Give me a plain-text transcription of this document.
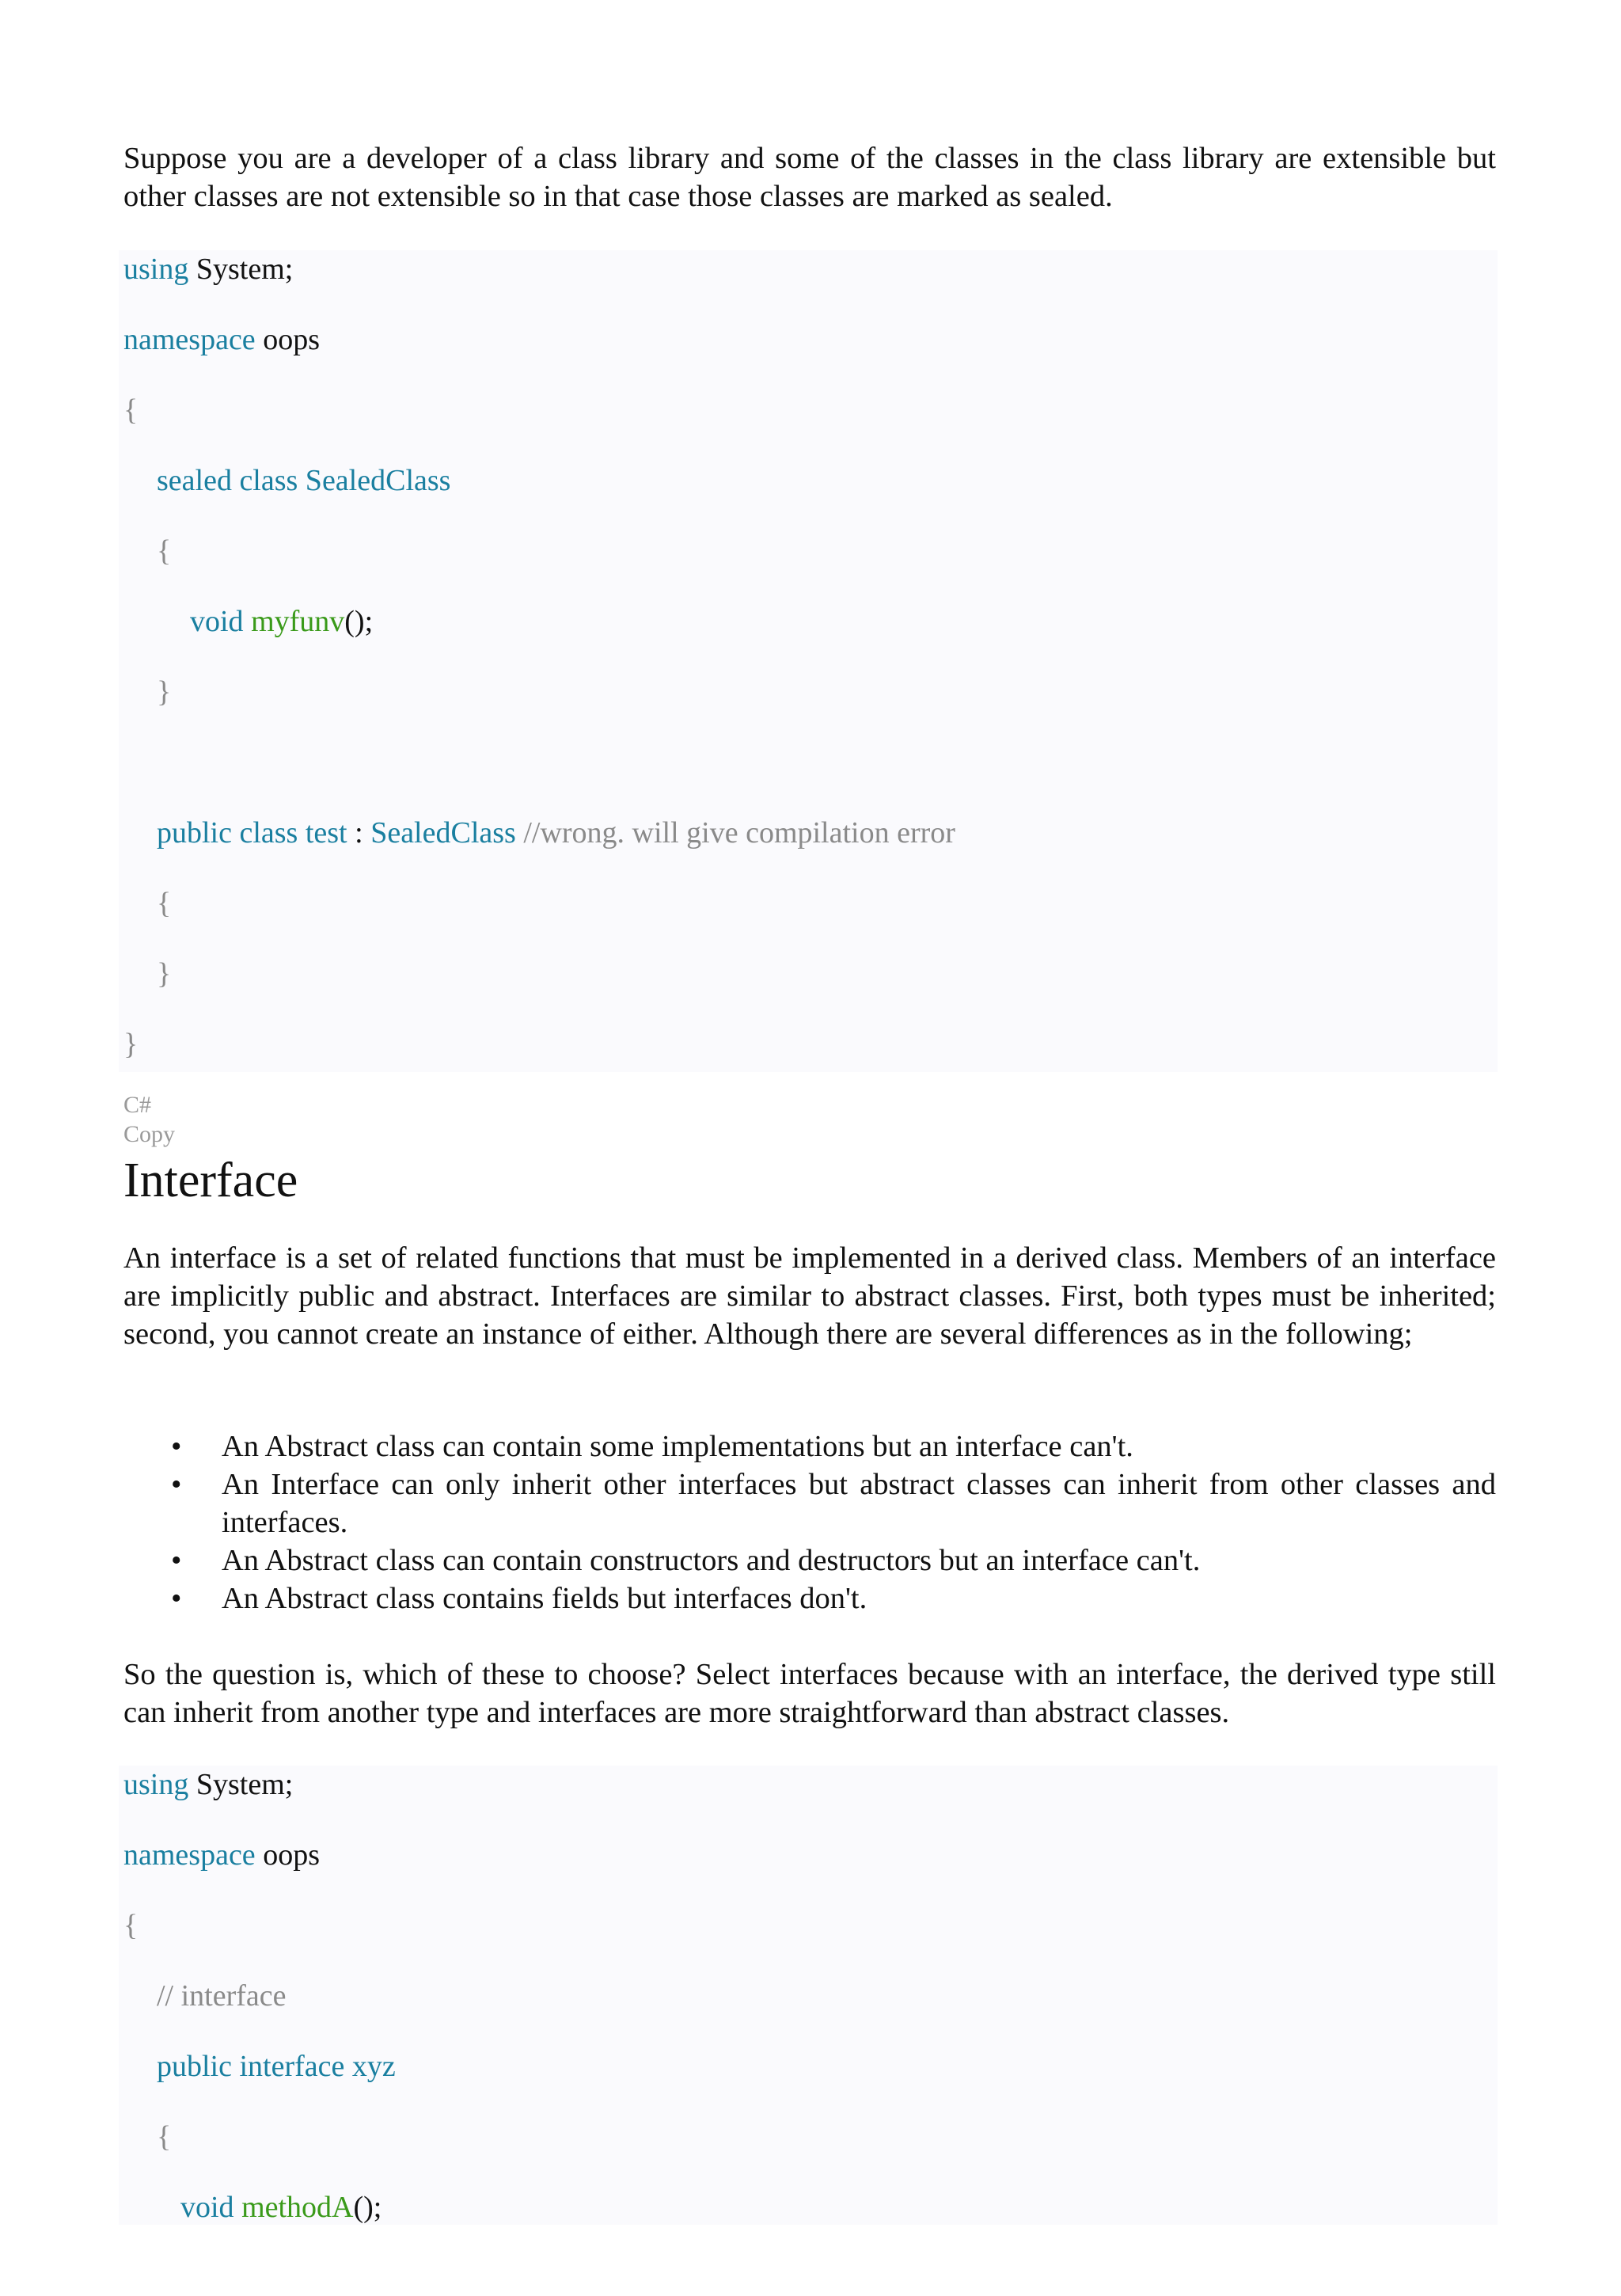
Suppose you are a developer of a class library and some of the classes in the class library are extensible but other classes are not extensible so in that case those classes are marked as sealed.

using System;
namespace oops
{
sealed class SealedClass
{
void myfunv();
}
public class test : SealedClass //wrong. will give compilation error
{
}
}
C#
Copy
Interface

An interface is a set of related functions that must be implemented in a derived class. Members of an interface are implicitly public and abstract. Interfaces are similar to abstract classes. First, both types must be inherited; second, you cannot create an instance of either. Although there are several differences as in the following;

• An Abstract class can contain some implementations but an interface can't.
• An Interface can only inherit other interfaces but abstract classes can inherit from other classes and interfaces.
• An Abstract class can contain constructors and destructors but an interface can't.
• An Abstract class contains fields but interfaces don't.

So the question is, which of these to choose? Select interfaces because with an interface, the derived type still can inherit from another type and interfaces are more straightforward than abstract classes.

using System;
namespace oops
{
// interface
public interface xyz
{
void methodA();
